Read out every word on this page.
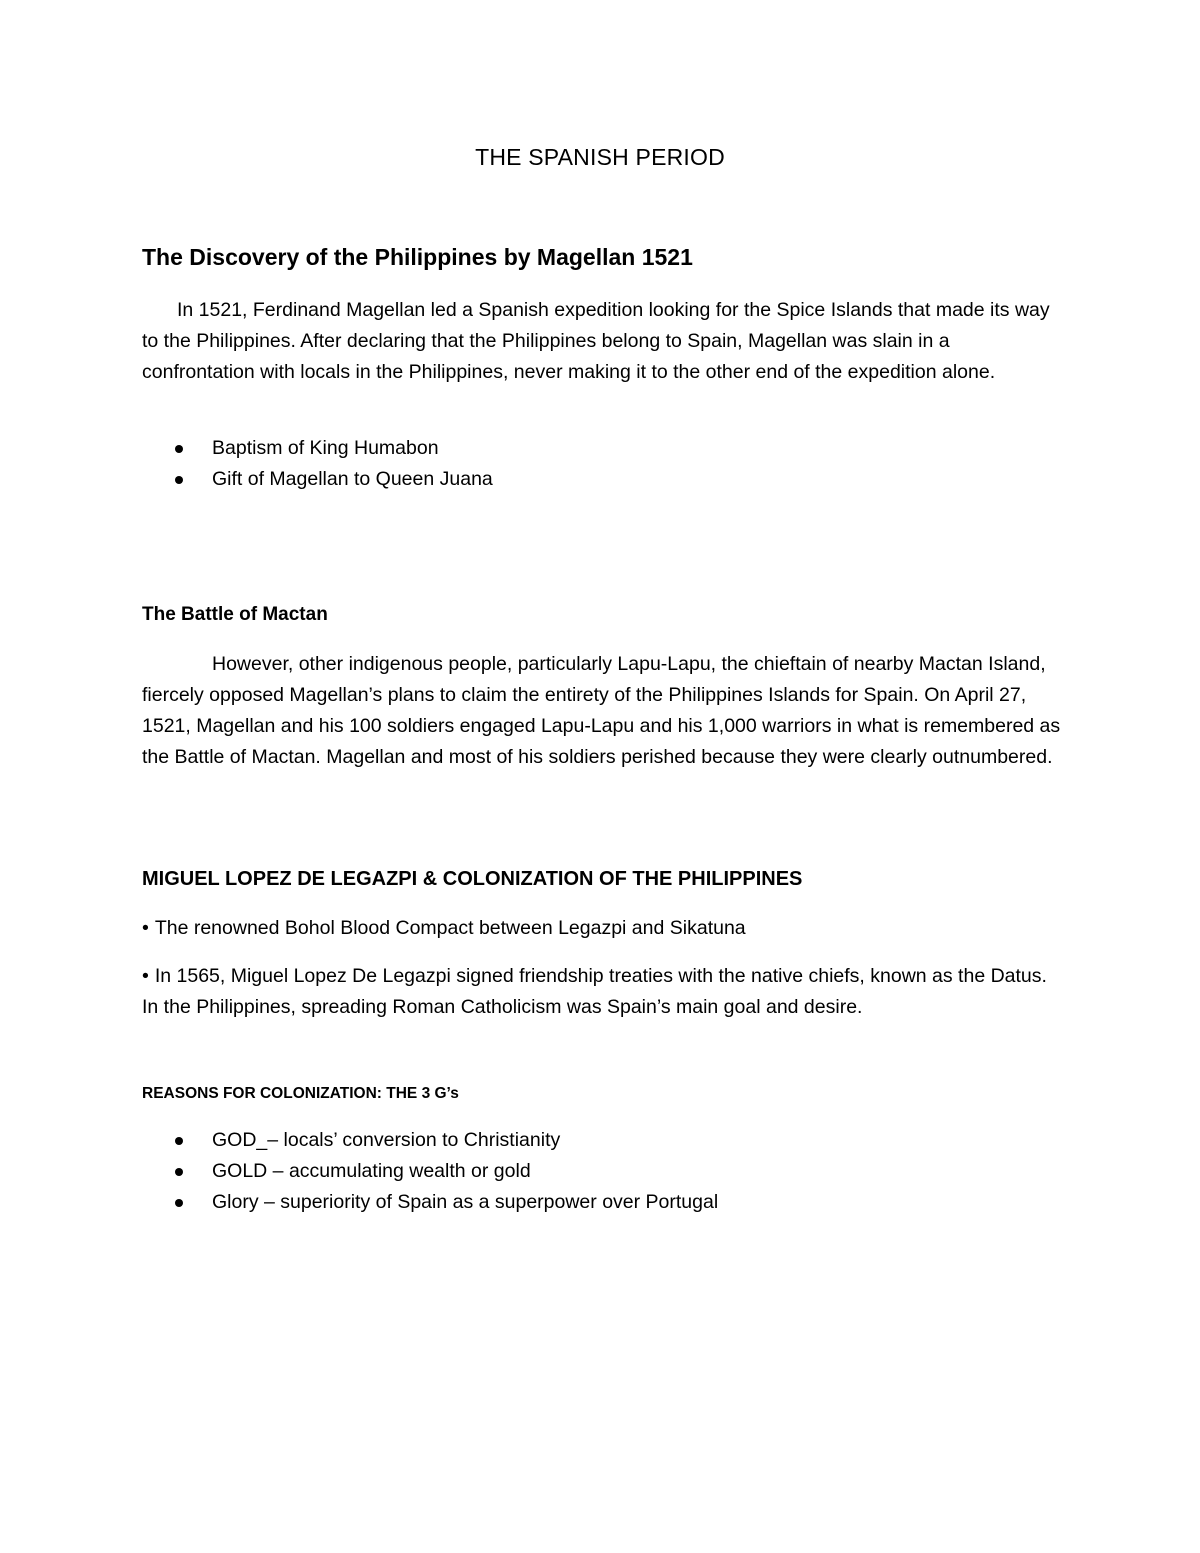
THE SPANISH PERIOD
The Discovery of the Philippines by Magellan 1521

In 1521, Ferdinand Magellan led a Spanish expedition looking for the Spice Islands that made its way to the Philippines. After declaring that the Philippines belong to Spain, Magellan was slain in a confrontation with locals in the Philippines, never making it to the other end of the expedition alone.

Baptism of King Humabon
Gift of Magellan to Queen Juana
The Battle of Mactan

However, other indigenous people, particularly Lapu-Lapu, the chieftain of nearby Mactan Island, fiercely opposed Magellan’s plans to claim the entirety of the Philippines Islands for Spain. On April 27, 1521, Magellan and his 100 soldiers engaged Lapu-Lapu and his 1,000 warriors in what is remembered as the Battle of Mactan. Magellan and most of his soldiers perished because they were clearly outnumbered.

MIGUEL LOPEZ DE LEGAZPI & COLONIZATION OF THE PHILIPPINES

• The renowned Bohol Blood Compact between Legazpi and Sikatuna

• In 1565, Miguel Lopez De Legazpi signed friendship treaties with the native chiefs, known as the Datus. In the Philippines, spreading Roman Catholicism was Spain’s main goal and desire.

REASONS FOR COLONIZATION: THE 3 G’s
GOD_– locals’ conversion to Christianity
GOLD – accumulating wealth or gold
Glory – superiority of Spain as a superpower over Portugal
